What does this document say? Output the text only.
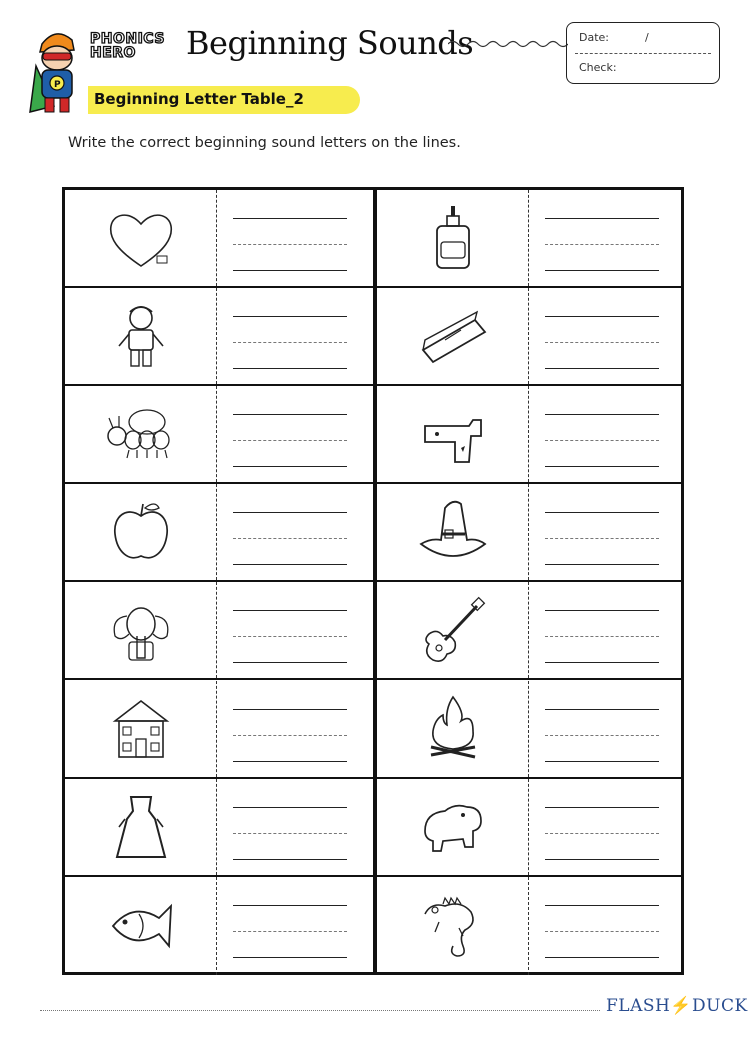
P
PHONICS
HERO	Beginning Sounds	Date:	/
Check:
Beginning Letter Table_2
Write the correct beginning sound letters on the lines.
FLASH⚡DUCK
